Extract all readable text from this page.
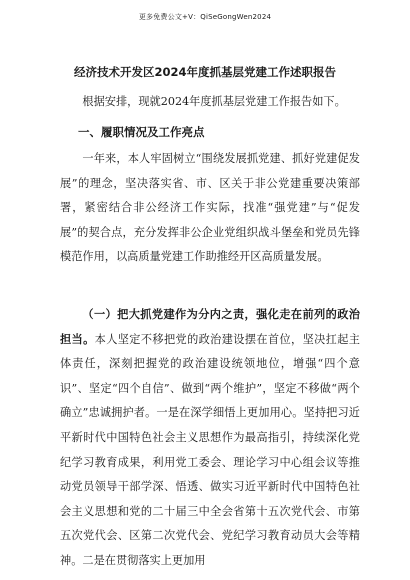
更多免费公文+V：QiSeGongWen2024
经济技术开发区2024年度抓基层党建工作述职报告

根据安排，现就2024年度抓基层党建工作报告如下。

一、履职情况及工作亮点

一年来，本人牢固树立“围绕发展抓党建、抓好党建促发展”的理念，坚决落实省、市、区关于非公党建重要决策部署，紧密结合非公经济工作实际，找准“强党建”与“促发展”的契合点，充分发挥非公企业党组织战斗堡垒和党员先锋模范作用，以高质量党建工作助推经开区高质量发展。

（一）把大抓党建作为分内之责，强化走在前列的政治担当。本人坚定不移把党的政治建设摆在首位，坚决扛起主体责任，深刻把握党的政治建设统领地位，增强“四个意识”、坚定“四个自信”、做到“两个维护”，坚定不移做“两个确立”忠诚拥护者。一是在深学细悟上更加用心。坚持把习近平新时代中国特色社会主义思想作为最高指引，持续深化党纪学习教育成果，利用党工委会、理论学习中心组会议等推动党员领导干部学深、悟透、做实习近平新时代中国特色社会主义思想和党的二十届三中全会省第十五次党代会、市第五次党代会、区第二次党代会、党纪学习教育动员大会等精神。二是在贯彻落实上更加用
